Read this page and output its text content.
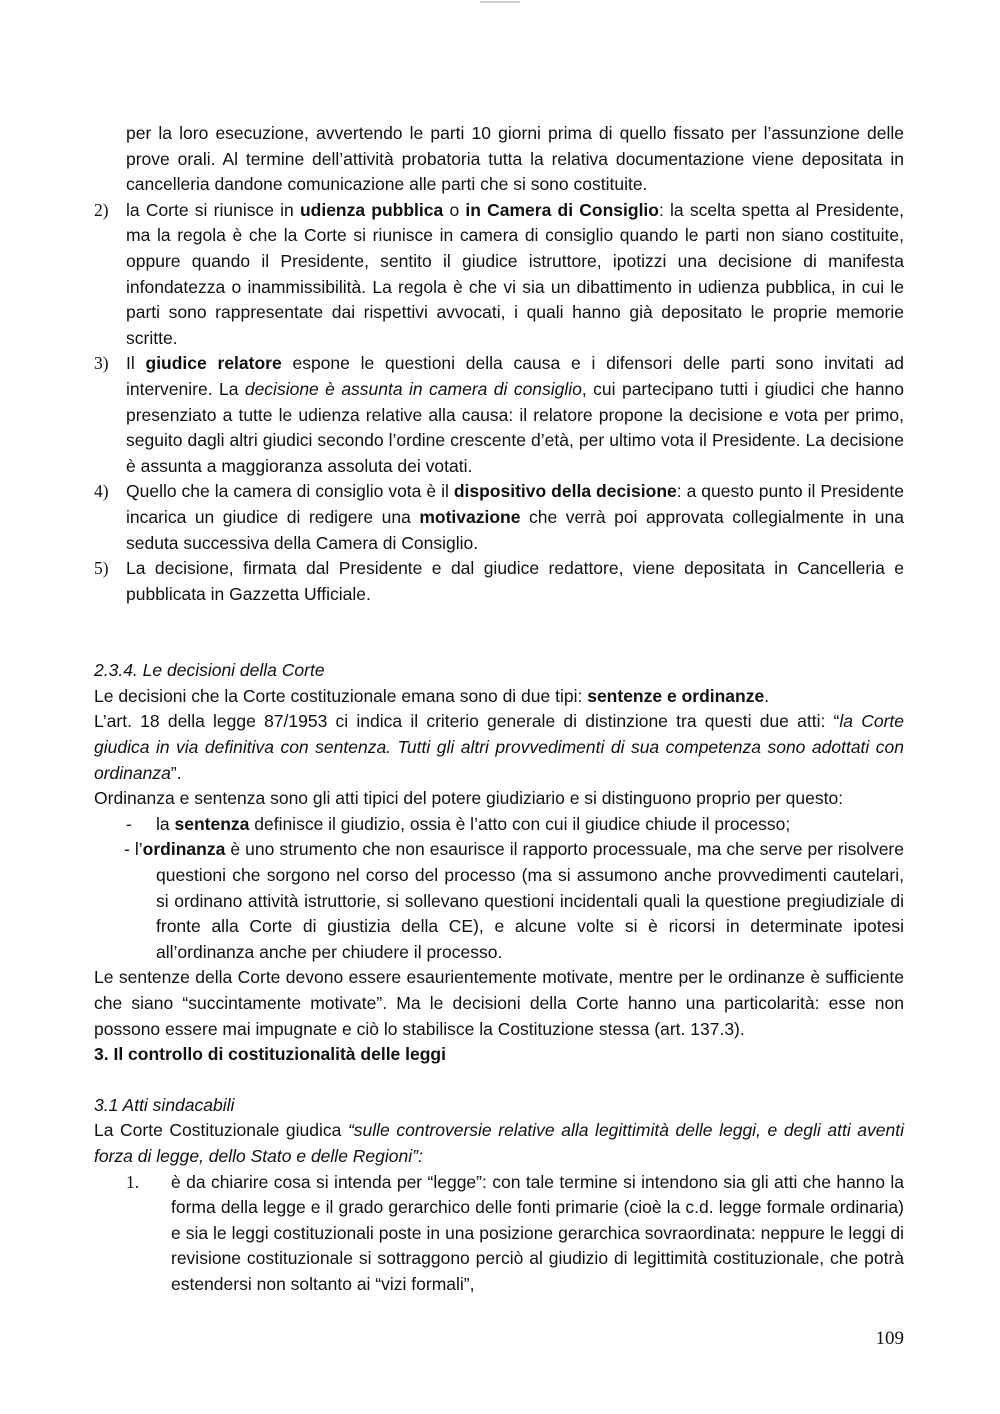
per la loro esecuzione, avvertendo le parti 10 giorni prima di quello fissato per l’assunzione delle prove orali. Al termine dell’attività probatoria tutta la relativa documentazione viene depositata in cancelleria dandone comunicazione alle parti che si sono costituite.

2) la Corte si riunisce in udienza pubblica o in Camera di Consiglio: la scelta spetta al Presidente, ma la regola è che la Corte si riunisce in camera di consiglio quando le parti non siano costituite, oppure quando il Presidente, sentito il giudice istruttore, ipotizzi una decisione di manifesta infondatezza o inammissibilità. La regola è che vi sia un dibattimento in udienza pubblica, in cui le parti sono rappresentate dai rispettivi avvocati, i quali hanno già depositato le proprie memorie scritte.
3) Il giudice relatore espone le questioni della causa e i difensori delle parti sono invitati ad intervenire. La decisione è assunta in camera di consiglio, cui partecipano tutti i giudici che hanno presenziato a tutte le udienza relative alla causa: il relatore propone la decisione e vota per primo, seguito dagli altri giudici secondo l’ordine crescente d’età, per ultimo vota il Presidente. La decisione è assunta a maggioranza assoluta dei votati.
4) Quello che la camera di consiglio vota è il dispositivo della decisione: a questo punto il Presidente incarica un giudice di redigere una motivazione che verrà poi approvata collegialmente in una seduta successiva della Camera di Consiglio.
5) La decisione, firmata dal Presidente e dal giudice redattore, viene depositata in Cancelleria e pubblicata in Gazzetta Ufficiale.

2.3.4. Le decisioni della Corte

Le decisioni che la Corte costituzionale emana sono di due tipi: sentenze e ordinanze.

L’art. 18 della legge 87/1953 ci indica il criterio generale di distinzione tra questi due atti: “la Corte giudica in via definitiva con sentenza. Tutti gli altri provvedimenti di sua competenza sono adottati con ordinanza”.

Ordinanza e sentenza sono gli atti tipici del potere giudiziario e si distinguono proprio per questo:

- la sentenza definisce il giudizio, ossia è l’atto con cui il giudice chiude il processo;
- l’ordinanza è uno strumento che non esaurisce il rapporto processuale, ma che serve per risolvere questioni che sorgono nel corso del processo (ma si assumono anche provvedimenti cautelari, si ordinano attività istruttorie, si sollevano questioni incidentali quali la questione pregiudiziale di fronte alla Corte di giustizia della CE), e alcune volte si è ricorsi in determinate ipotesi all’ordinanza anche per chiudere il processo.

Le sentenze della Corte devono essere esaurientemente motivate, mentre per le ordinanze è sufficiente che siano “succintamente motivate”. Ma le decisioni della Corte hanno una particolarità: esse non possono essere mai impugnate e ciò lo stabilisce la Costituzione stessa (art. 137.3).

3. Il controllo di costituzionalità delle leggi

3.1 Atti sindacabili

La Corte Costituzionale giudica “sulle controversie relative alla legittimità delle leggi, e degli atti aventi forza di legge, dello Stato e delle Regioni”:

1. è da chiarire cosa si intenda per “legge”: con tale termine si intendono sia gli atti che hanno la forma della legge e il grado gerarchico delle fonti primarie (cioè la c.d. legge formale ordinaria) e sia le leggi costituzionali poste in una posizione gerarchica sovraordinata: neppure le leggi di revisione costituzionale si sottraggono perciò al giudizio di legittimità costituzionale, che potrà estendersi non soltanto ai “vizi formali”,
109
